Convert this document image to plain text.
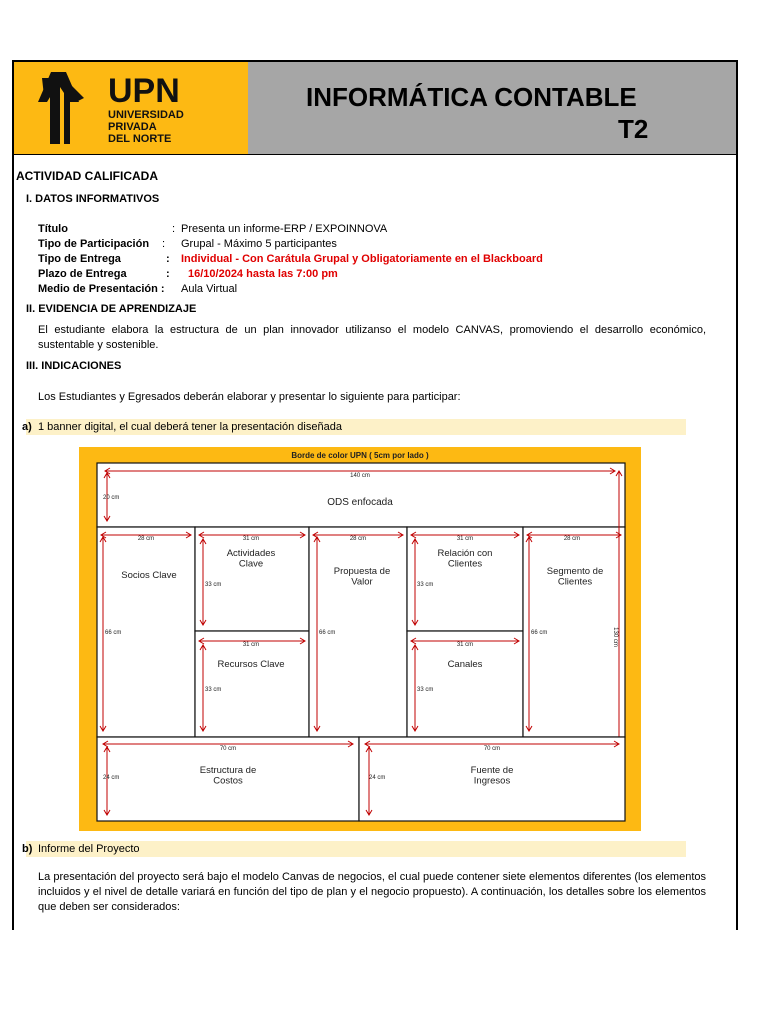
UPN
UNIVERSIDAD
PRIVADA
DEL NORTE
INFORMÁTICA CONTABLE
T2
ACTIVIDAD CALIFICADA
I. DATOS INFORMATIVOS
Título	: Presenta un informe-ERP / EXPOINNOVA
Tipo de Participación : Grupal - Máximo 5 participantes
Tipo de Entrega	: Individual - Con Carátula Grupal y Obligatoriamente en el Blackboard
Plazo de Entrega	: 16/10/2024 hasta las 7:00 pm
Medio de Presentación : Aula Virtual
II. EVIDENCIA DE APRENDIZAJE
El estudiante elabora la estructura de un plan innovador utilizanso el modelo CANVAS, promoviendo el desarrollo económico, sustentable y sostenible.
III. INDICACIONES
Los Estudiantes y Egresados deberán elaborar y presentar lo siguiente para participar:
a) 1 banner digital, el cual deberá tener la presentación diseñada
Borde de color UPN ( 5cm por lado )
140 cm
20 cm	ODS enfocada
28 cm
66 cm
Socios Clave
31 cm
33 cm
Actividades Clave
31 cm
33 cm
Recursos Clave
28 cm
66 cm
Propuesta de Valor
31 cm
33 cm
Relación con Clientes
31 cm
33 cm
Canales
28 cm
66 cm
Segmento de Clientes
130 cm
70 cm
24 cm
Estructura de Costos
70 cm
24 cm
Fuente de Ingresos
b) Informe del Proyecto
La presentación del proyecto será bajo el modelo Canvas de negocios, el cual puede contener siete elementos diferentes (los elementos incluidos y el nivel de detalle variará en función del tipo de plan y el negocio propuesto). A continuación, los detalles sobre los elementos que deben ser considerados:
